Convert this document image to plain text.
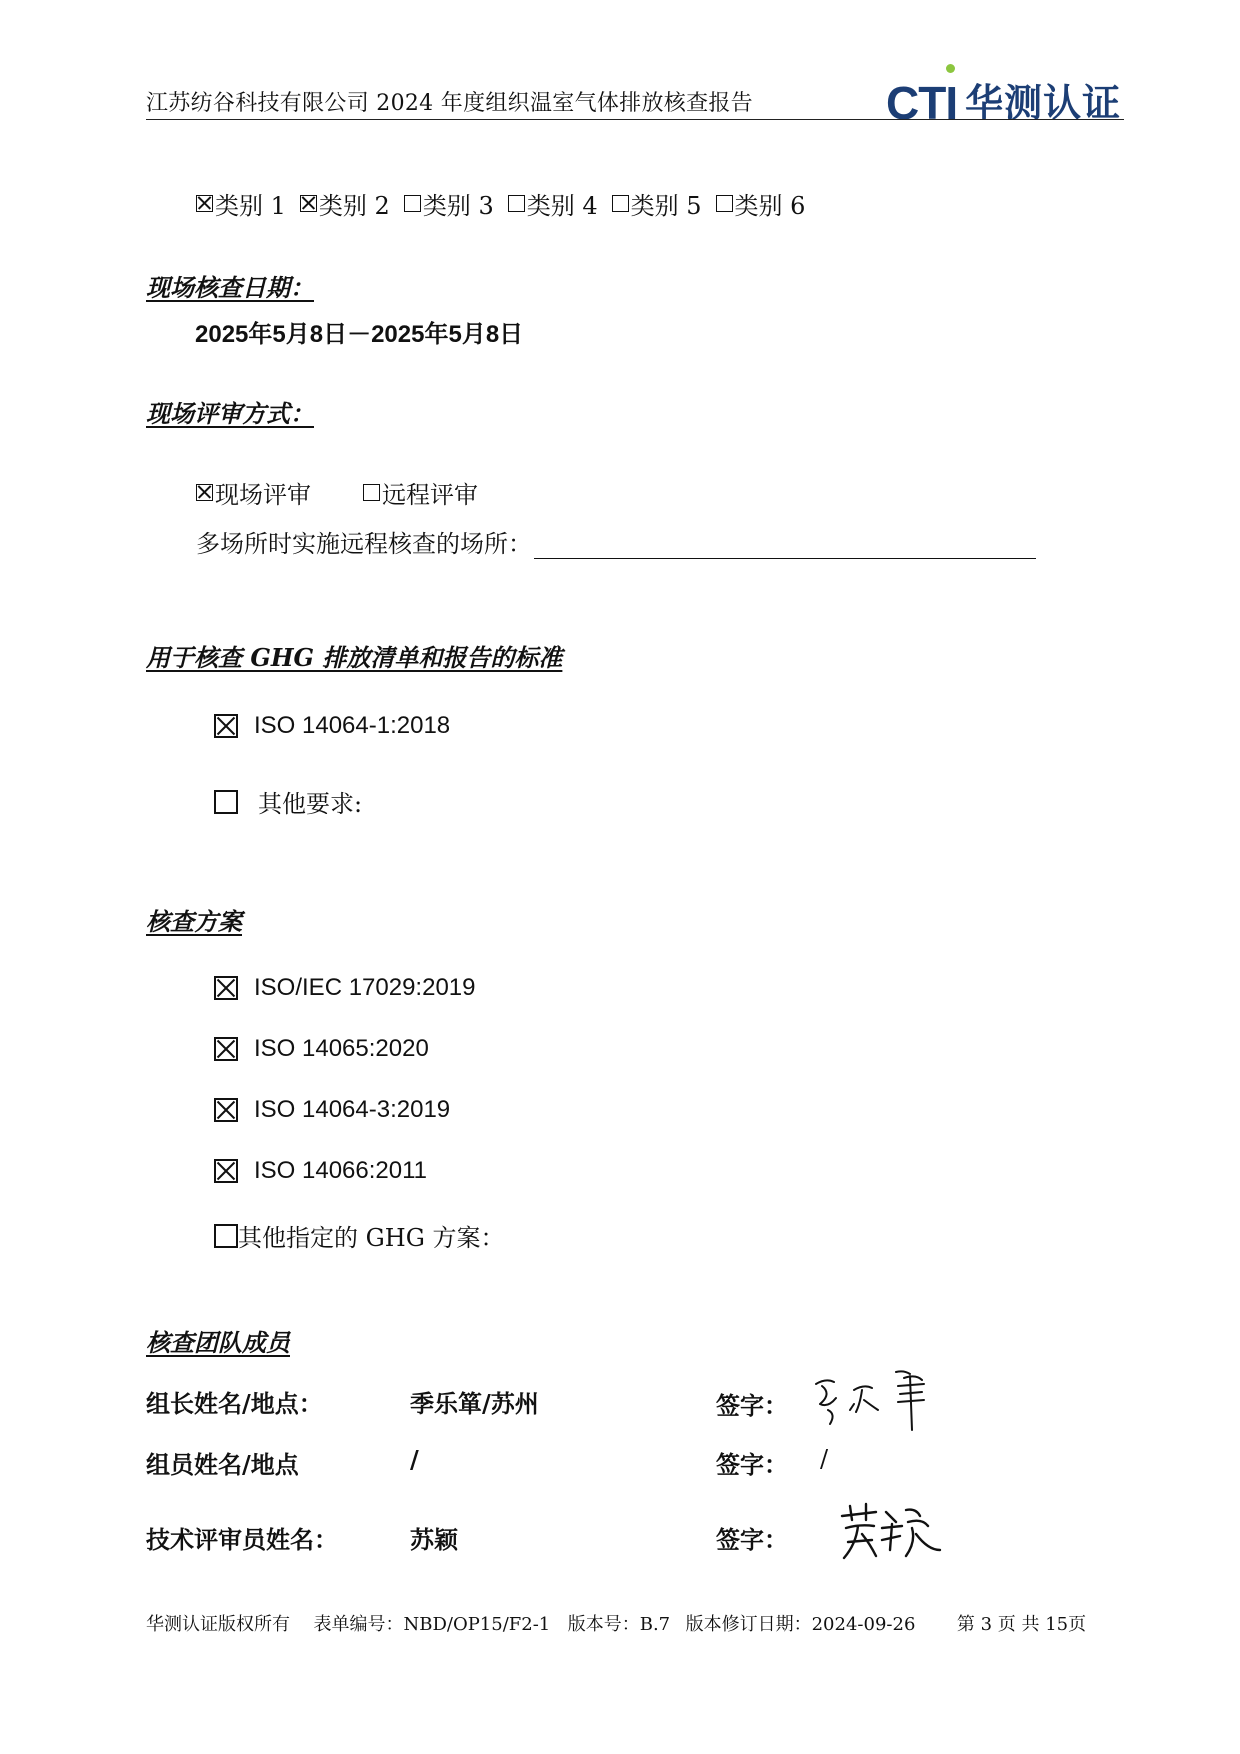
江苏纺谷科技有限公司 2024 年度组织温室气体排放核查报告	CTI 华测认证
类别 1 类别 2 类别 3 类别 4 类别 5 类别 6
现场核查日期：
2025年5月8日－2025年5月8日
现场评审方式：
现场评审	远程评审
多场所时实施远程核查的场所：
用于核查 GHG 排放清单和报告的标准
ISO 14064-1:2018
其他要求:
核查方案
ISO/IEC 17029:2019
ISO 14065:2020
ISO 14064-3:2019
ISO 14066:2011
其他指定的 GHG 方案：
核查团队成员
组长姓名/地点：	季乐箪/苏州	签字：
组员姓名/地点	/	签字： /
技术评审员姓名：	苏颖	签字：
华测认证版权所有 表单编号：NBD/OP15/F2-1 版本号：B.7 版本修订日期：2024-09-26 第 3 页 共 15页
